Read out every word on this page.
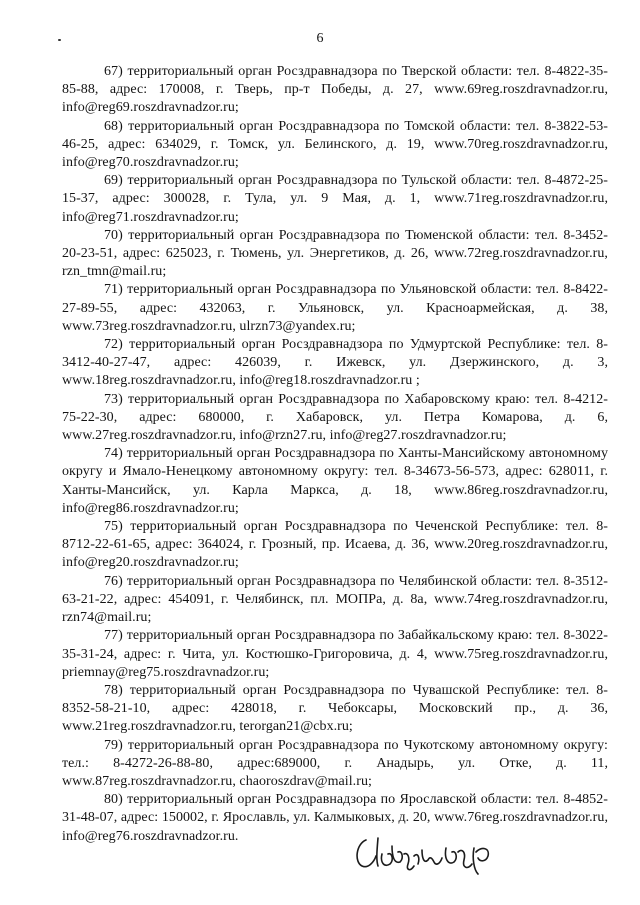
6

67) территориальный орган Росздравнадзора по Тверской области: тел. 8-4822-35-85-88, адрес: 170008, г. Тверь, пр-т Победы, д. 27, www.69reg.roszdravnadzor.ru, info@reg69.roszdravnadzor.ru;

68) территориальный орган Росздравнадзора по Томской области: тел. 8-3822-53-46-25, адрес: 634029, г. Томск, ул. Белинского, д. 19, www.70reg.roszdravnadzor.ru, info@reg70.roszdravnadzor.ru;

69) территориальный орган Росздравнадзора по Тульской области: тел. 8-4872-25-15-37, адрес: 300028, г. Тула, ул. 9 Мая, д. 1, www.71reg.roszdravnadzor.ru, info@reg71.roszdravnadzor.ru;

70) территориальный орган Росздравнадзора по Тюменской области: тел. 8-3452-20-23-51, адрес: 625023, г. Тюмень, ул. Энергетиков, д. 26, www.72reg.roszdravnadzor.ru, rzn_tmn@mail.ru;

71) территориальный орган Росздравнадзора по Ульяновской области: тел. 8-8422-27-89-55, адрес: 432063, г. Ульяновск, ул. Красноармейская, д. 38, www.73reg.roszdravnadzor.ru, ulrzn73@yandex.ru;

72) территориальный орган Росздравнадзора по Удмуртской Республике: тел. 8-3412-40-27-47, адрес: 426039, г. Ижевск, ул. Дзержинского, д. 3, www.18reg.roszdravnadzor.ru, info@reg18.roszdravnadzor.ru ;

73) территориальный орган Росздравнадзора по Хабаровскому краю: тел. 8-4212-75-22-30, адрес: 680000, г. Хабаровск, ул. Петра Комарова, д. 6, www.27reg.roszdravnadzor.ru, info@rzn27.ru, info@reg27.roszdravnadzor.ru;

74) территориальный орган Росздравнадзора по Ханты-Мансийскому автономному округу и Ямало-Ненецкому автономному округу: тел. 8-34673-56-573, адрес: 628011, г. Ханты-Мансийск, ул. Карла Маркса, д. 18, www.86reg.roszdravnadzor.ru, info@reg86.roszdravnadzor.ru;

75) территориальный орган Росздравнадзора по Чеченской Республике: тел. 8-8712-22-61-65, адрес: 364024, г. Грозный, пр. Исаева, д. 36, www.20reg.roszdravnadzor.ru, info@reg20.roszdravnadzor.ru;

76) территориальный орган Росздравнадзора по Челябинской области: тел. 8-3512-63-21-22, адрес: 454091, г. Челябинск, пл. МОПРа, д. 8а, www.74reg.roszdravnadzor.ru, rzn74@mail.ru;

77) территориальный орган Росздравнадзора по Забайкальскому краю: тел. 8-3022-35-31-24, адрес: г. Чита, ул. Костюшко-Григоровича, д. 4, www.75reg.roszdravnadzor.ru, priemnay@reg75.roszdravnadzor.ru;

78) территориальный орган Росздравнадзора по Чувашской Республике: тел. 8-8352-58-21-10, адрес: 428018, г. Чебоксары, Московский пр., д. 36, www.21reg.roszdravnadzor.ru, terorgan21@cbx.ru;

79) территориальный орган Росздравнадзора по Чукотскому автономному округу: тел.: 8-4272-26-88-80, адрес:689000, г. Анадырь, ул. Отке, д. 11, www.87reg.roszdravnadzor.ru, chaoroszdrav@mail.ru;

80) территориальный орган Росздравнадзора по Ярославской области: тел. 8-4852-31-48-07, адрес: 150002, г. Ярославль, ул. Калмыковых, д. 20, www.76reg.roszdravnadzor.ru, info@reg76.roszdravnadzor.ru.
